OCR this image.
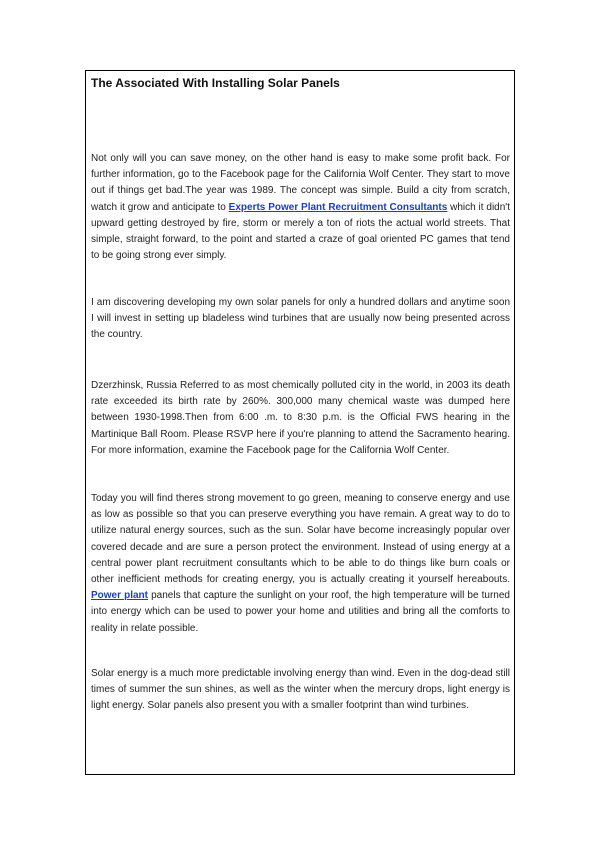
The Associated With Installing Solar Panels

Not only will you can save money, on the other hand is easy to make some profit back. For further information, go to the Facebook page for the California Wolf Center. They start to move out if things get bad.The year was 1989. The concept was simple. Build a city from scratch, watch it grow and anticipate to Experts Power Plant Recruitment Consultants which it didn't upward getting destroyed by fire, storm or merely a ton of riots the actual world streets. That simple, straight forward, to the point and started a craze of goal oriented PC games that tend to be going strong ever simply.

I am discovering developing my own solar panels for only a hundred dollars and anytime soon I will invest in setting up bladeless wind turbines that are usually now being presented across the country.

Dzerzhinsk, Russia Referred to as most chemically polluted city in the world, in 2003 its death rate exceeded its birth rate by 260%. 300,000 many chemical waste was dumped here between 1930-1998.Then from 6:00 .m. to 8:30 p.m. is the Official FWS hearing in the Martinique Ball Room. Please RSVP here if you're planning to attend the Sacramento hearing. For more information, examine the Facebook page for the California Wolf Center.

Today you will find theres strong movement to go green, meaning to conserve energy and use as low as possible so that you can preserve everything you have remain. A great way to do to utilize natural energy sources, such as the sun. Solar have become increasingly popular over covered decade and are sure a person protect the environment. Instead of using energy at a central power plant recruitment consultants which to be able to do things like burn coals or other inefficient methods for creating energy, you is actually creating it yourself hereabouts. Power plant panels that capture the sunlight on your roof, the high temperature will be turned into energy which can be used to power your home and utilities and bring all the comforts to reality in relate possible.

Solar energy is a much more predictable involving energy than wind. Even in the dog-dead still times of summer the sun shines, as well as the winter when the mercury drops, light energy is light energy. Solar panels also present you with a smaller footprint than wind turbines.
